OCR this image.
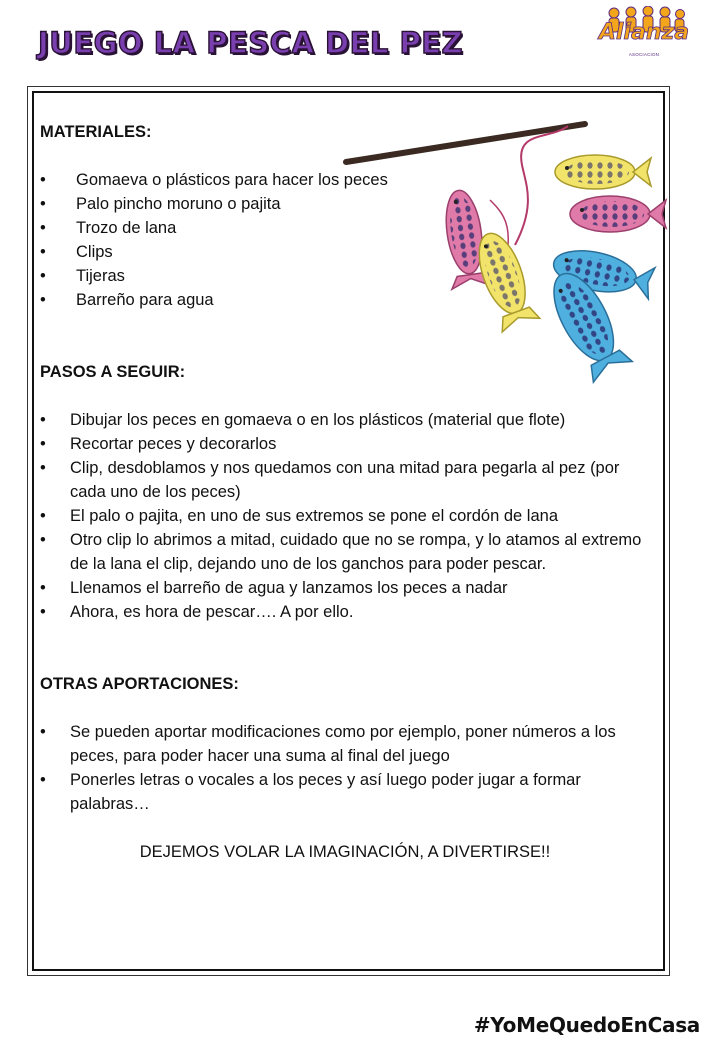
JUEGO LA PESCA DEL PEZ	Alianza
ASOCIACION

MATERIALES:

• Gomaeva o plásticos para hacer los peces
• Palo pincho moruno o pajita
• Trozo de lana
• Clips
• Tijeras
• Barreño para agua

PASOS A SEGUIR:

• Dibujar los peces en gomaeva o en los plásticos (material que flote)
• Recortar peces y decorarlos
• Clip, desdoblamos y nos quedamos con una mitad para pegarla al pez (por cada uno de los peces)
• El palo o pajita, en uno de sus extremos se pone el cordón de lana
• Otro clip lo abrimos a mitad, cuidado que no se rompa, y lo atamos al extremo de la lana el clip, dejando uno de los ganchos para poder pescar.
• Llenamos el barreño de agua y lanzamos los peces a nadar
• Ahora, es hora de pescar…. A por ello.

OTRAS APORTACIONES:

• Se pueden aportar modificaciones como por ejemplo, poner números a los peces, para poder hacer una suma al final del juego
• Ponerles letras o vocales a los peces y así luego poder jugar a formar palabras…

DEJEMOS VOLAR LA IMAGINACIÓN, A DIVERTIRSE!!

#YoMeQuedoEnCasa
